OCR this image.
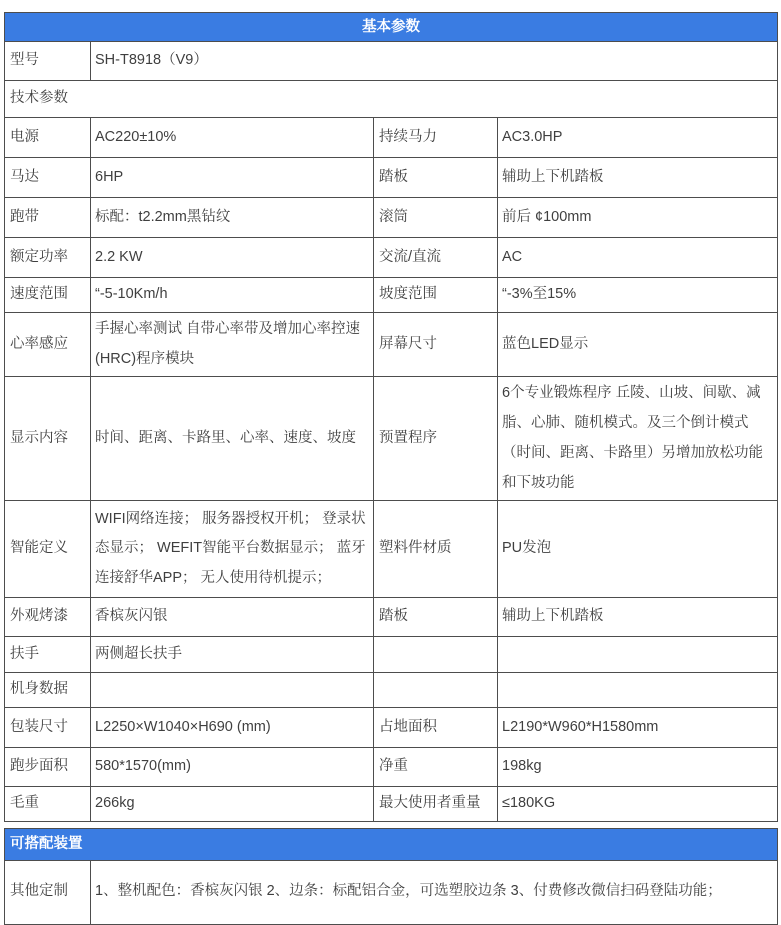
基本参数			
型号	SH-T8918（V9）		
技术参数			
电源	AC220±10%	持续马力	AC3.0HP
马达	6HP	踏板	辅助上下机踏板
跑带	标配：t2.2mm黑钻纹	滚筒	前后 ¢100mm
额定功率	2.2 KW	交流/直流	AC
速度范围	“-5-10Km/h	坡度范围	“-3%至15%
心率感应	手握心率测试 自带心率带及增加心率控速 (HRC)程序模块	屏幕尺寸	蓝色LED显示
显示内容	时间、距离、卡路里、心率、速度、坡度	预置程序	6个专业锻炼程序 丘陵、山坡、间歇、减脂、心肺、随机模式。及三个倒计模式（时间、距离、卡路里）另增加放松功能和下坡功能
智能定义	WIFI网络连接； 服务器授权开机； 登录状态显示； WEFIT智能平台数据显示； 蓝牙连接舒华APP； 无人使用待机提示；	塑料件材质	PU发泡
外观烤漆	香槟灰闪银	踏板	辅助上下机踏板
扶手	两侧超长扶手		
机身数据			
包装尺寸	L2250×W1040×H690 (mm)	占地面积	L2190*W960*H1580mm
跑步面积	580*1570(mm)	净重	198kg
毛重	266kg	最大使用者重量	≤180KG
可搭配装置
其他定制	1、整机配色：香槟灰闪银 2、边条：标配铝合金，可选塑胶边条 3、付费修改微信扫码登陆功能；
